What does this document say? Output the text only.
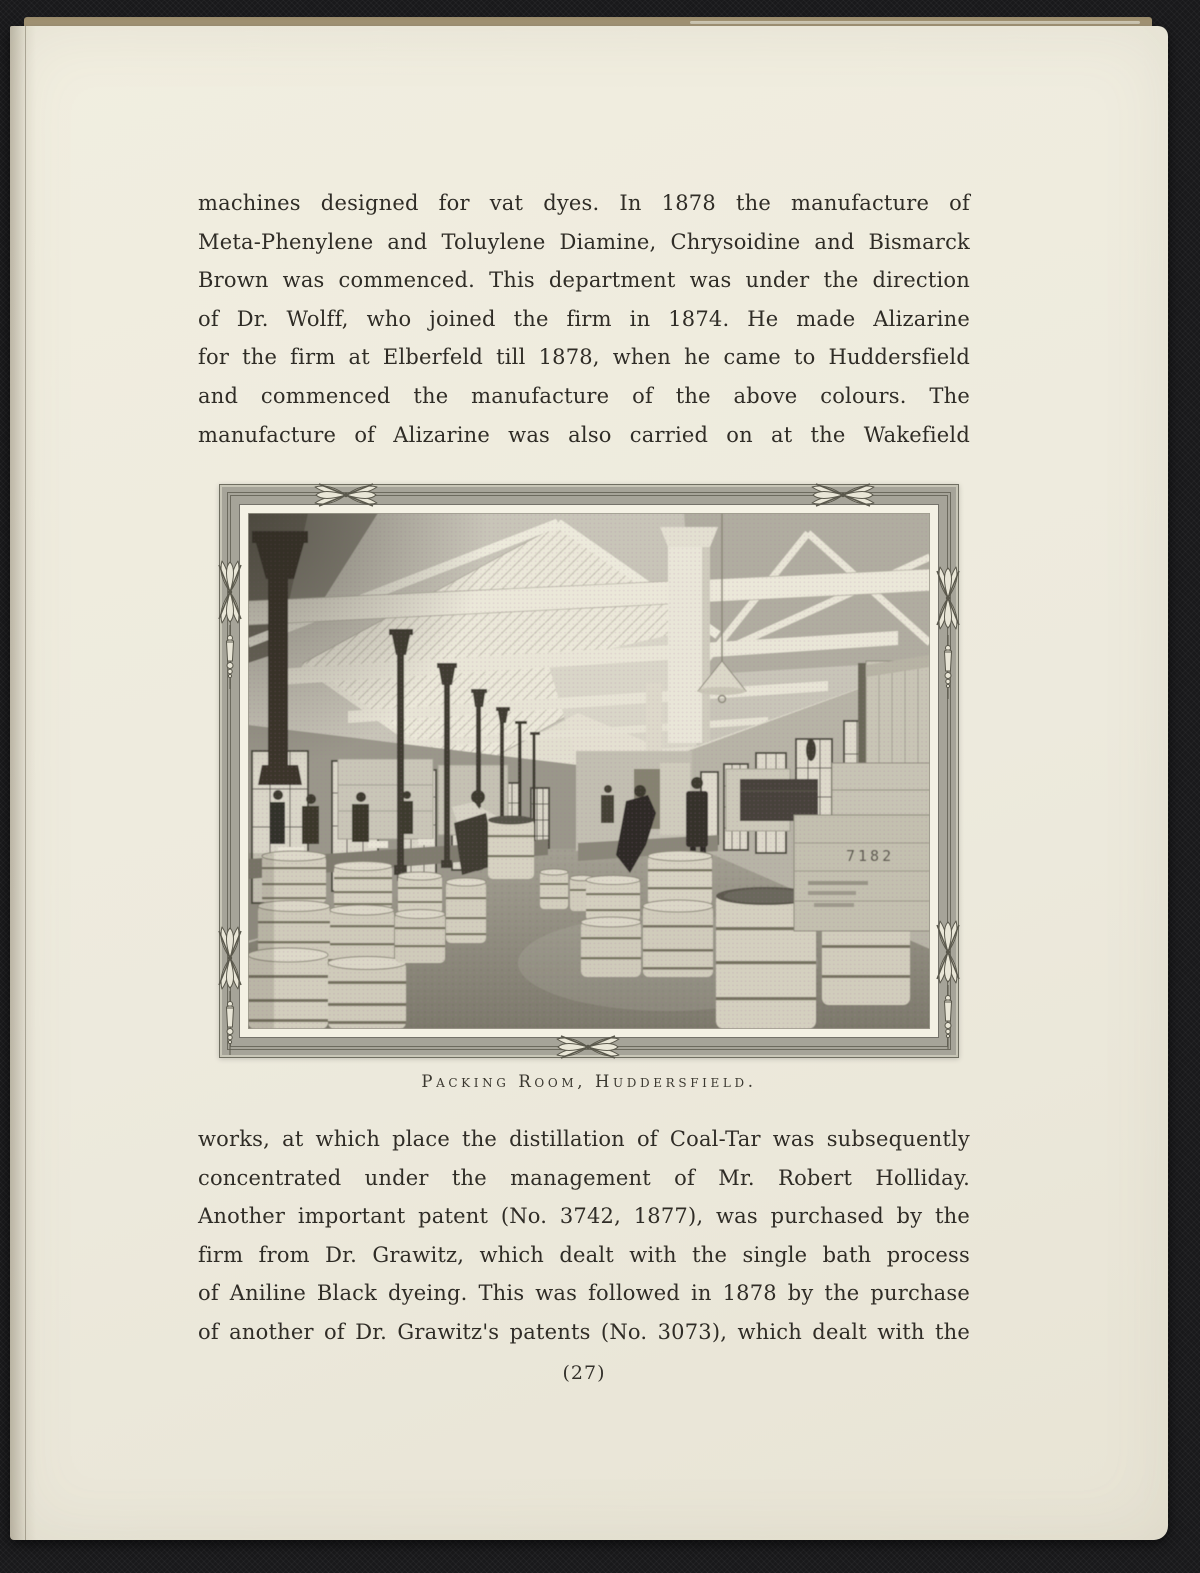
machines designed for vat dyes. In 1878 the manufacture of
Meta-Phenylene and Toluylene Diamine, Chrysoidine and Bismarck
Brown was commenced. This department was under the direction
of Dr. Wolff, who joined the firm in 1874. He made Alizarine
for the firm at Elberfeld till 1878, when he came to Huddersfield
and commenced the manufacture of the above colours. The
manufacture of Alizarine was also carried on at the Wakefield
Packing Room, Huddersfield.
works, at which place the distillation of Coal-Tar was subsequently
concentrated under the management of Mr. Robert Holliday.
Another important patent (No. 3742, 1877), was purchased by the
firm from Dr. Grawitz, which dealt with the single bath process
of Aniline Black dyeing. This was followed in 1878 by the purchase
of another of Dr. Grawitz's patents (No. 3073), which dealt with the
(27)
